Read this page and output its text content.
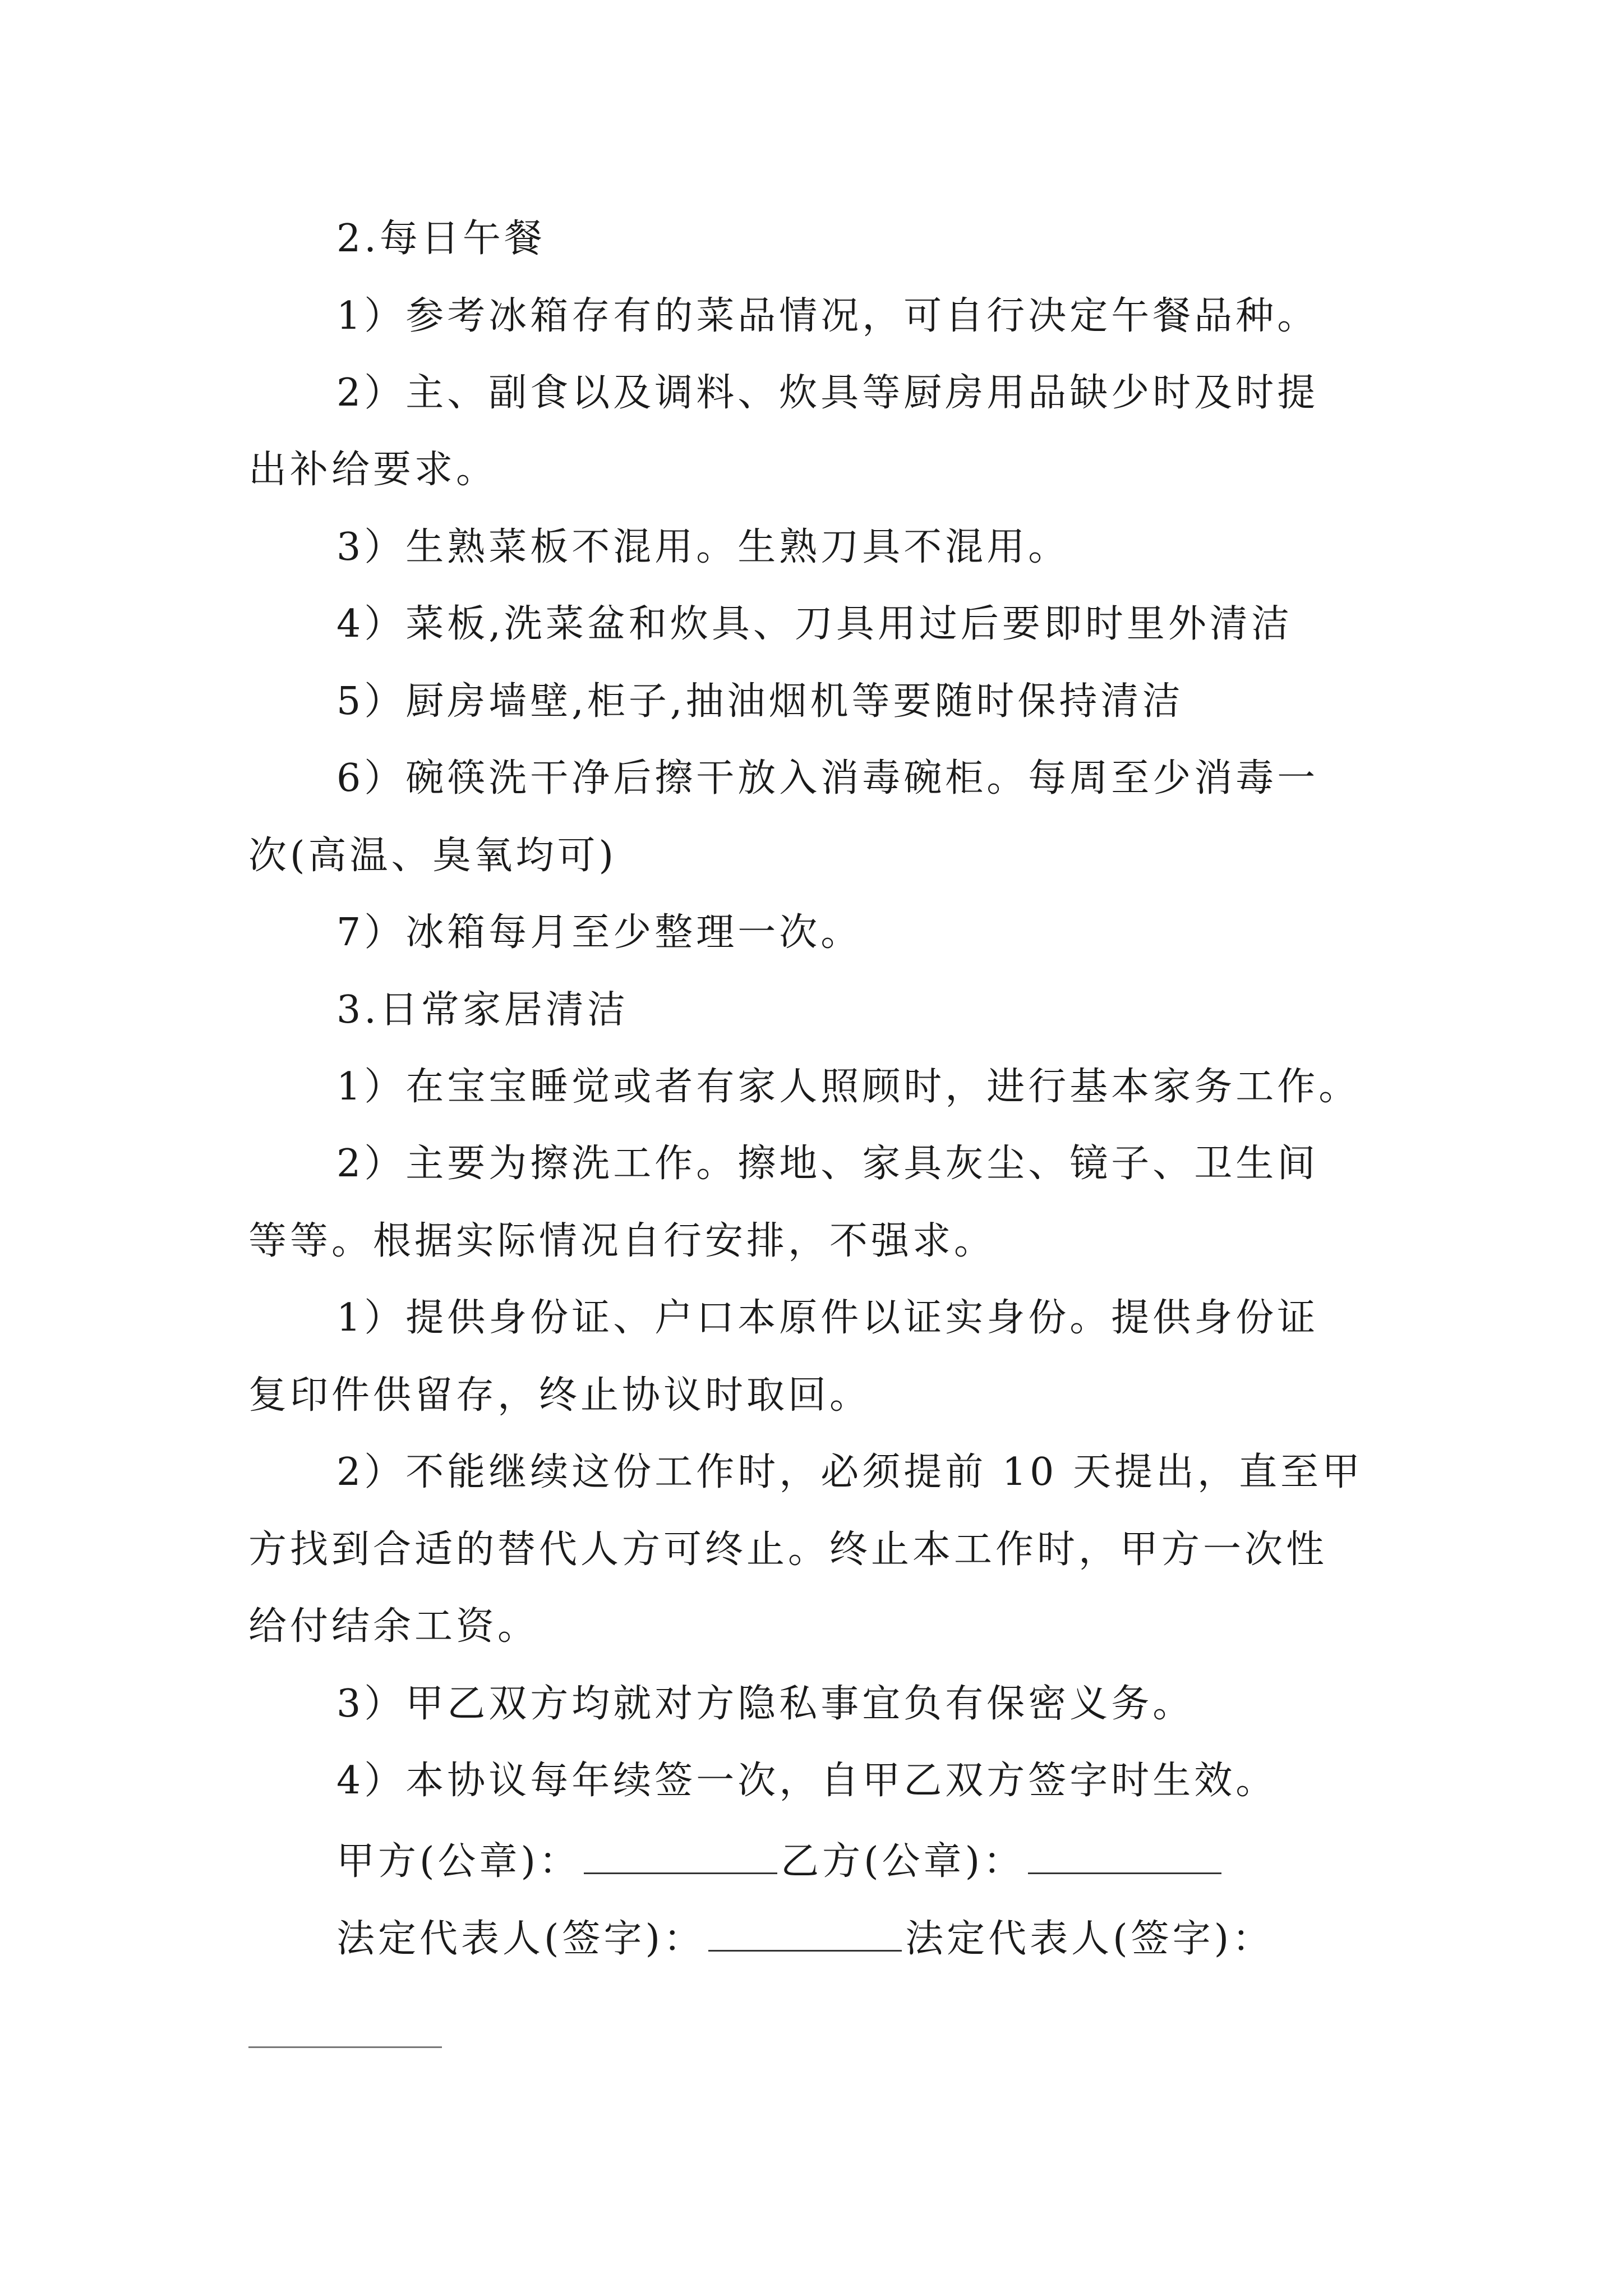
2.每日午餐
1）参考冰箱存有的菜品情况，可自行决定午餐品种。
2）主、副食以及调料、炊具等厨房用品缺少时及时提
出补给要求。
3）生熟菜板不混用。生熟刀具不混用。
4）菜板,洗菜盆和炊具、刀具用过后要即时里外清洁
5）厨房墙壁,柜子,抽油烟机等要随时保持清洁
6）碗筷洗干净后擦干放入消毒碗柜。每周至少消毒一
次(高温、臭氧均可)
7）冰箱每月至少整理一次。
3.日常家居清洁
1）在宝宝睡觉或者有家人照顾时，进行基本家务工作。
2）主要为擦洗工作。擦地、家具灰尘、镜子、卫生间
等等。根据实际情况自行安排，不强求。
1）提供身份证、户口本原件以证实身份。提供身份证
复印件供留存，终止协议时取回。
2）不能继续这份工作时，必须提前 10 天提出，直至甲
方找到合适的替代人方可终止。终止本工作时，甲方一次性
给付结余工资。
3）甲乙双方均就对方隐私事宜负有保密义务。
4）本协议每年续签一次，自甲乙双方签字时生效。
甲方(公章)：	乙方(公章)：
法定代表人(签字)：	法定代表人(签字)：
